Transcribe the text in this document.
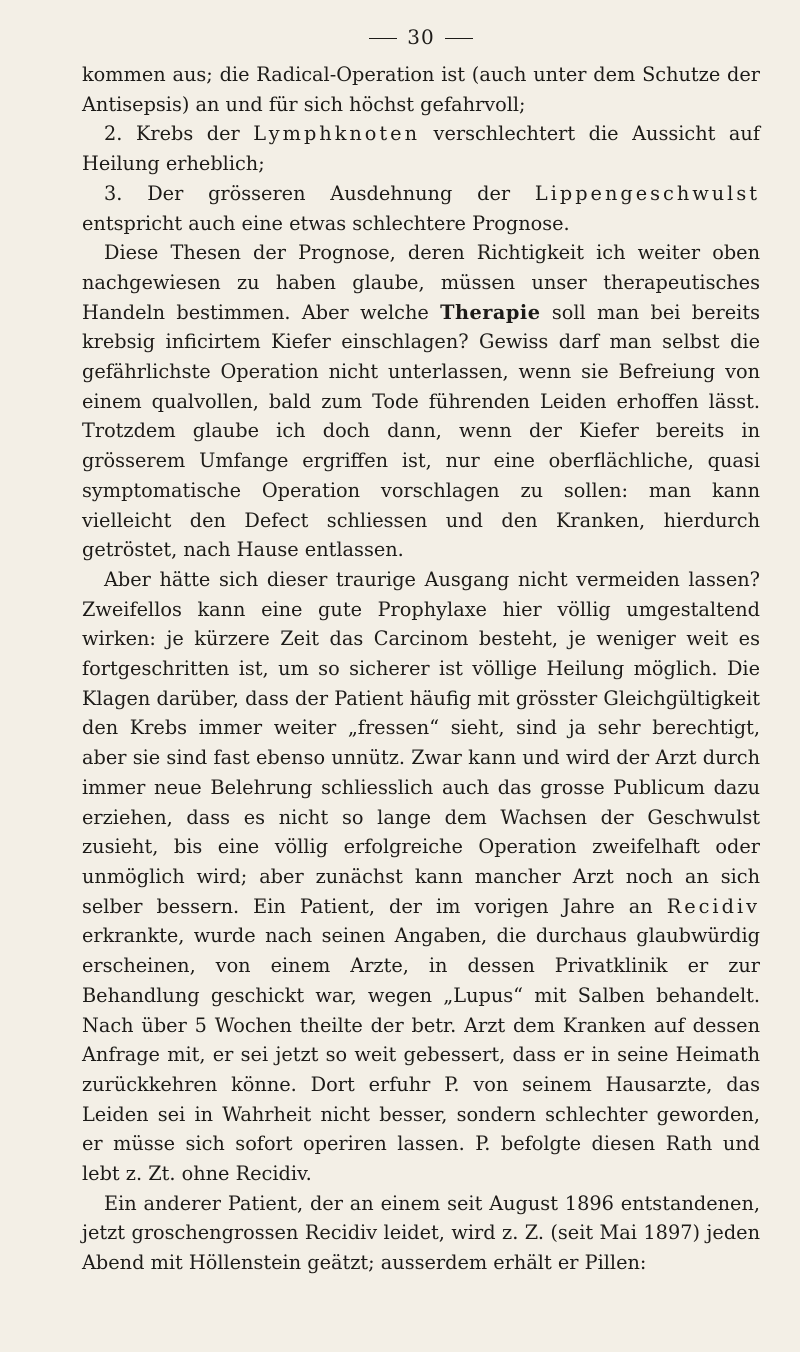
30

kommen aus; die Radical-Operation ist (auch unter dem Schutze der Antisepsis) an und für sich höchst gefahrvoll;

2. Krebs der Lymphknoten verschlechtert die Aussicht auf Heilung erheblich;

3. Der grösseren Ausdehnung der Lippengeschwulst entspricht auch eine etwas schlechtere Prognose.

Diese Thesen der Prognose, deren Richtigkeit ich weiter oben nachgewiesen zu haben glaube, müssen unser therapeutisches Handeln bestimmen. Aber welche Therapie soll man bei bereits krebsig inficirtem Kiefer einschlagen? Gewiss darf man selbst die gefährlichste Operation nicht unterlassen, wenn sie Befreiung von einem qualvollen, bald zum Tode führenden Leiden erhoffen lässt. Trotzdem glaube ich doch dann, wenn der Kiefer bereits in grösserem Umfange ergriffen ist, nur eine oberflächliche, quasi symptomatische Operation vorschlagen zu sollen: man kann vielleicht den Defect schliessen und den Kranken, hierdurch getröstet, nach Hause entlassen.

Aber hätte sich dieser traurige Ausgang nicht vermeiden lassen? Zweifellos kann eine gute Prophylaxe hier völlig umgestaltend wirken: je kürzere Zeit das Carcinom besteht, je weniger weit es fortgeschritten ist, um so sicherer ist völlige Heilung möglich. Die Klagen darüber, dass der Patient häufig mit grösster Gleichgültigkeit den Krebs immer weiter „fressen“ sieht, sind ja sehr berechtigt, aber sie sind fast ebenso unnütz. Zwar kann und wird der Arzt durch immer neue Belehrung schliesslich auch das grosse Publicum dazu erziehen, dass es nicht so lange dem Wachsen der Geschwulst zusieht, bis eine völlig erfolgreiche Operation zweifelhaft oder unmöglich wird; aber zunächst kann mancher Arzt noch an sich selber bessern. Ein Patient, der im vorigen Jahre an Recidiv erkrankte, wurde nach seinen Angaben, die durchaus glaubwürdig erscheinen, von einem Arzte, in dessen Privatklinik er zur Behandlung geschickt war, wegen „Lupus“ mit Salben behandelt. Nach über 5 Wochen theilte der betr. Arzt dem Kranken auf dessen Anfrage mit, er sei jetzt so weit gebessert, dass er in seine Heimath zurückkehren könne. Dort erfuhr P. von seinem Hausarzte, das Leiden sei in Wahrheit nicht besser, sondern schlechter geworden, er müsse sich sofort operiren lassen. P. befolgte diesen Rath und lebt z. Zt. ohne Recidiv.

Ein anderer Patient, der an einem seit August 1896 entstandenen, jetzt groschengrossen Recidiv leidet, wird z. Z. (seit Mai 1897) jeden Abend mit Höllenstein geätzt; ausserdem erhält er Pillen:
